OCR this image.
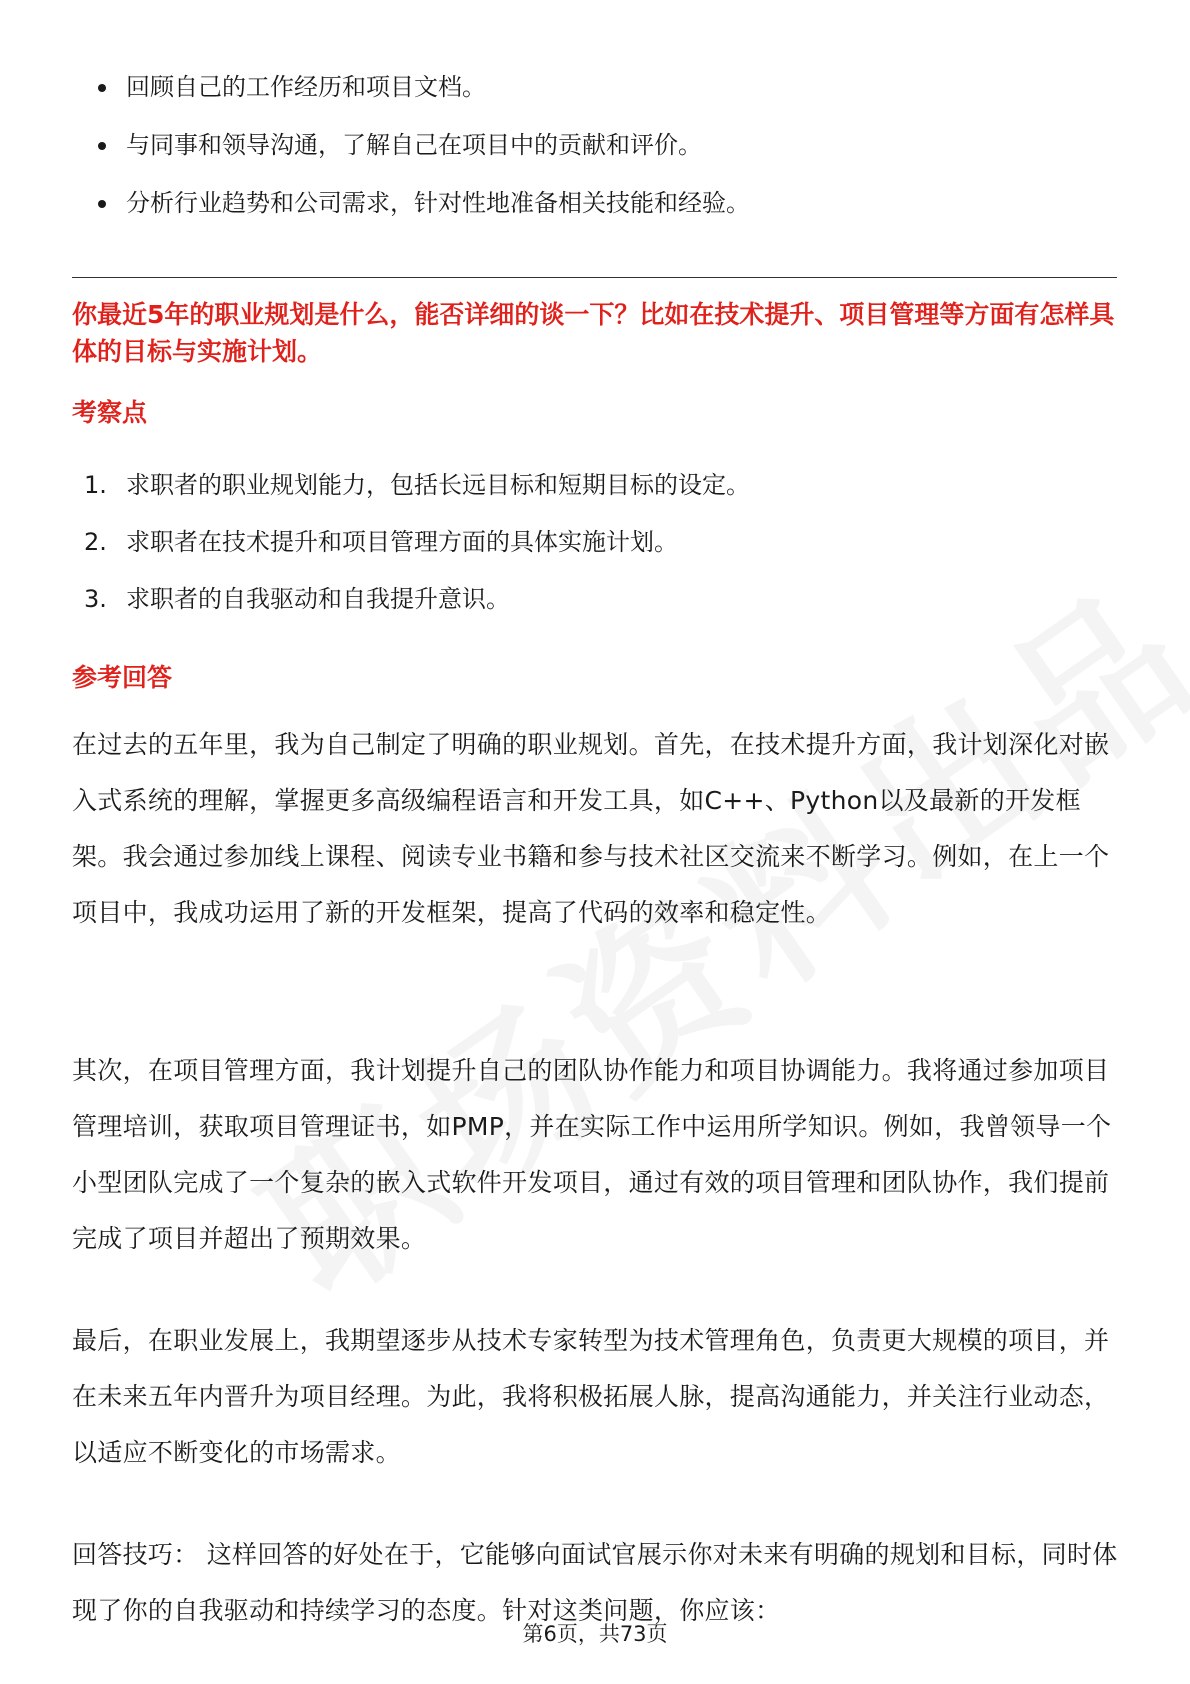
回顾自己的工作经历和项目文档。
与同事和领导沟通，了解自己在项目中的贡献和评价。
分析行业趋势和公司需求，针对性地准备相关技能和经验。
你最近5年的职业规划是什么，能否详细的谈一下？比如在技术提升、项目管理等方面有怎样具体的目标与实施计划。
考察点
1. 求职者的职业规划能力，包括长远目标和短期目标的设定。
2. 求职者在技术提升和项目管理方面的具体实施计划。
3. 求职者的自我驱动和自我提升意识。
参考回答
在过去的五年里，我为自己制定了明确的职业规划。首先，在技术提升方面，我计划深化对嵌入式系统的理解，掌握更多高级编程语言和开发工具，如C++、Python以及最新的开发框架。我会通过参加线上课程、阅读专业书籍和参与技术社区交流来不断学习。例如，在上一个项目中，我成功运用了新的开发框架，提高了代码的效率和稳定性。
其次，在项目管理方面，我计划提升自己的团队协作能力和项目协调能力。我将通过参加项目管理培训，获取项目管理证书，如PMP，并在实际工作中运用所学知识。例如，我曾领导一个小型团队完成了一个复杂的嵌入式软件开发项目，通过有效的项目管理和团队协作，我们提前完成了项目并超出了预期效果。
最后，在职业发展上，我期望逐步从技术专家转型为技术管理角色，负责更大规模的项目，并在未来五年内晋升为项目经理。为此，我将积极拓展人脉，提高沟通能力，并关注行业动态，以适应不断变化的市场需求。
回答技巧： 这样回答的好处在于，它能够向面试官展示你对未来有明确的规划和目标，同时体现了你的自我驱动和持续学习的态度。针对这类问题，你应该：
第6页，共73页
